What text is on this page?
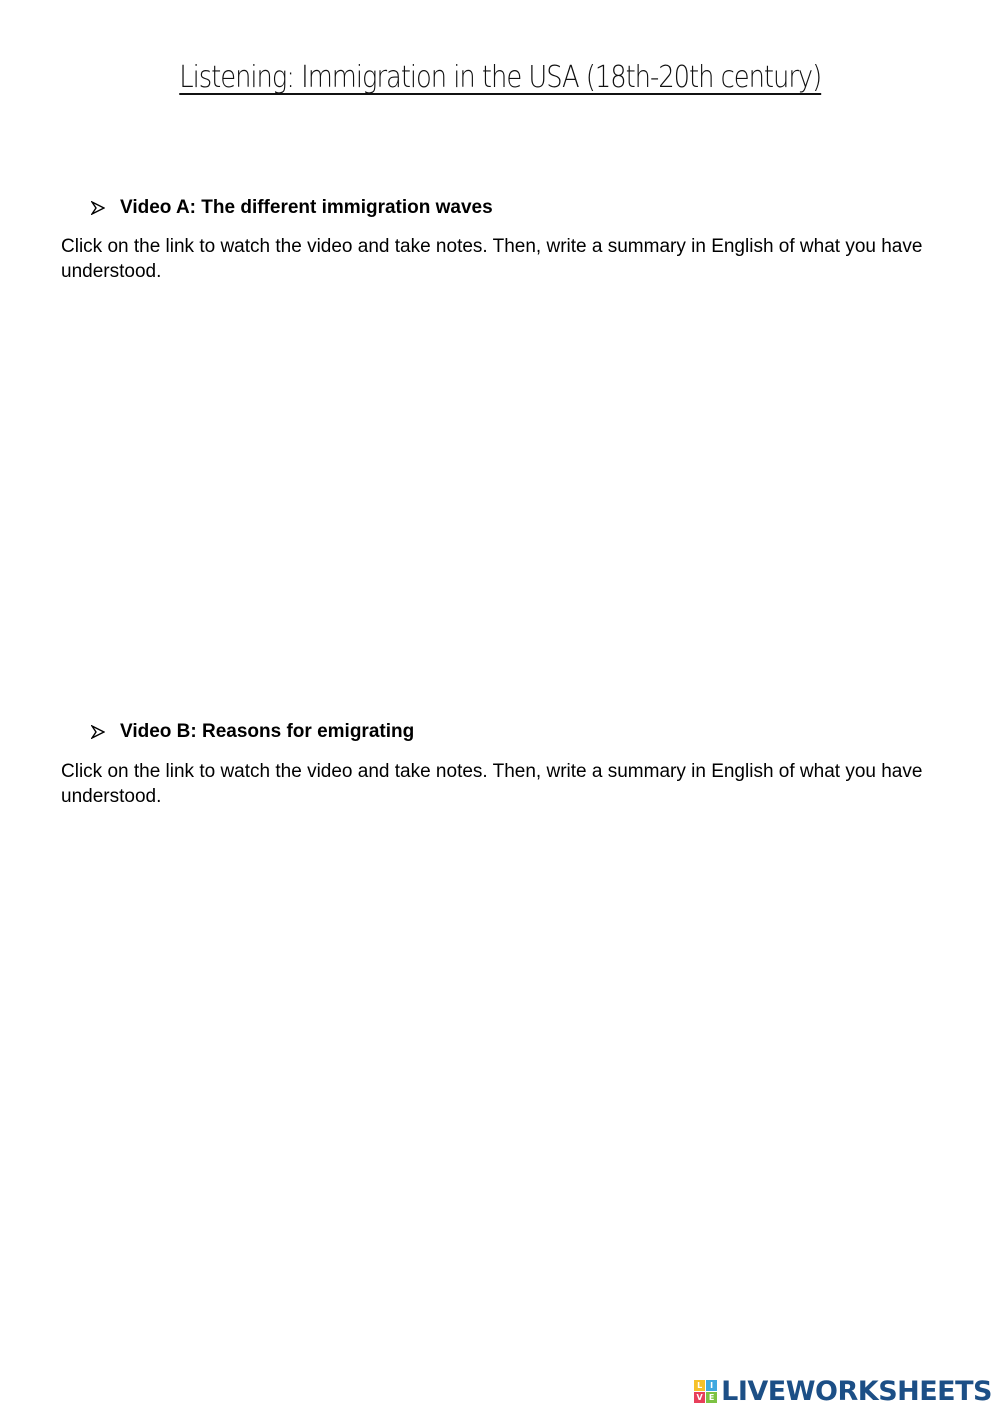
Listening: Immigration in the USA (18th-20th century)
Video A: The different immigration waves

Click on the link to watch the video and take notes. Then, write a summary in English of what you have understood.

Video B: Reasons for emigrating

Click on the link to watch the video and take notes. Then, write a summary in English of what you have understood.

L I
V E LIVEWORKSHEETS
